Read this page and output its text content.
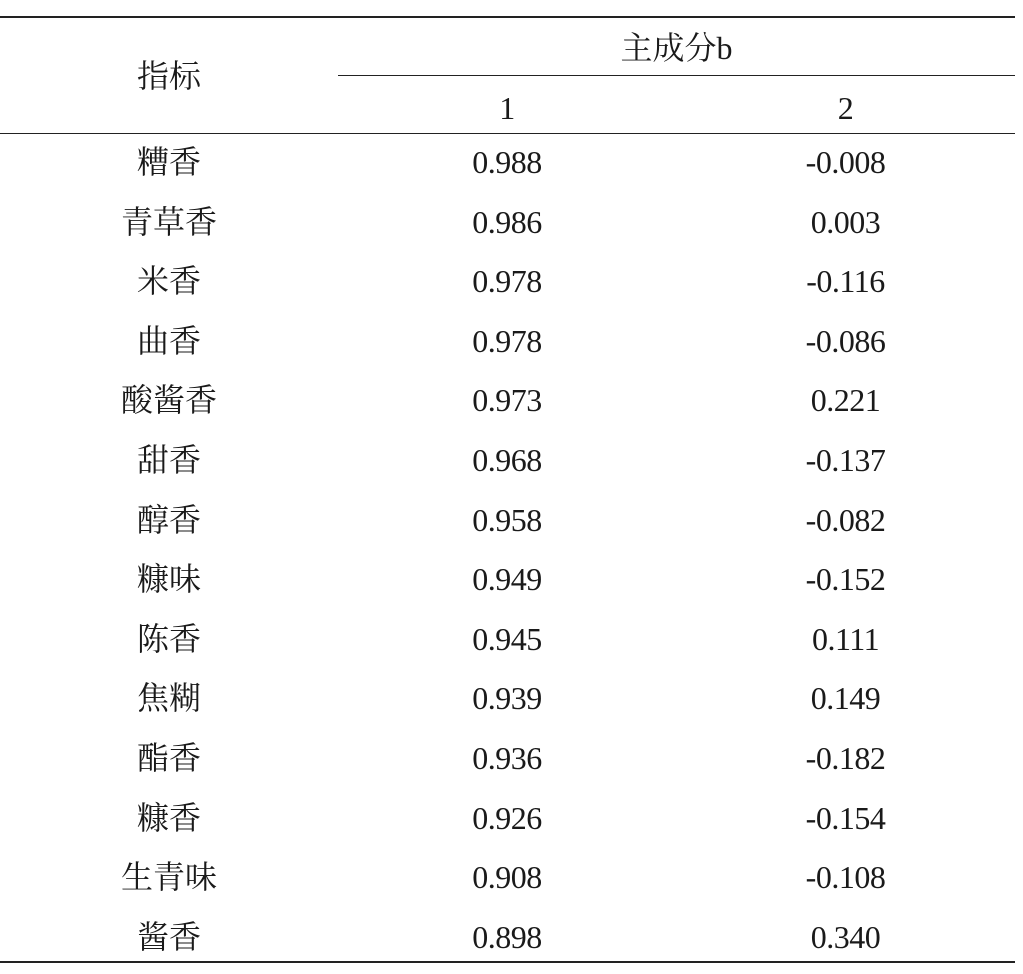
指标
主成分b
1	2
糟香	0.988	-0.008
青草香	0.986	0.003
米香	0.978	-0.116
曲香	0.978	-0.086
酸酱香	0.973	0.221
甜香	0.968	-0.137
醇香	0.958	-0.082
糠味	0.949	-0.152
陈香	0.945	0.111
焦糊	0.939	0.149
酯香	0.936	-0.182
糠香	0.926	-0.154
生青味	0.908	-0.108
酱香	0.898	0.340
